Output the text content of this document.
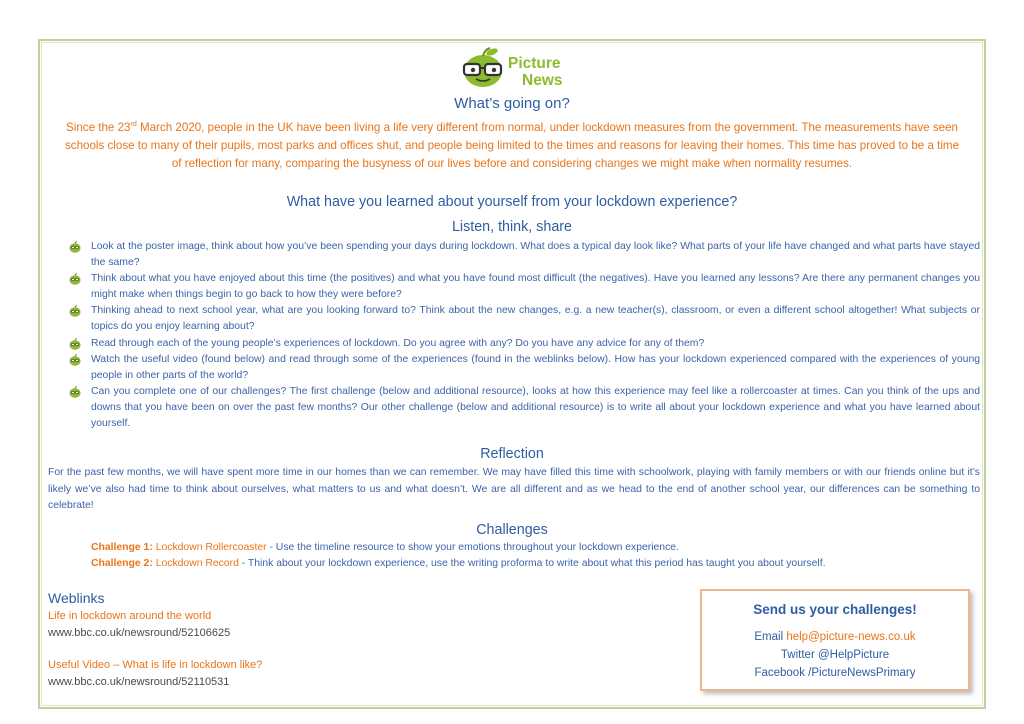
Picture
News
What’s going on?
Since the 23rd March 2020, people in the UK have been living a life very different from normal, under lockdown measures from the government. The measurements have seen schools close to many of their pupils, most parks and offices shut, and people being limited to the times and reasons for leaving their homes. This time has proved to be a time of reflection for many, comparing the busyness of our lives before and considering changes we might make when normality resumes.
What have you learned about yourself from your lockdown experience?
Listen, think, share
Look at the poster image, think about how you’ve been spending your days during lockdown. What does a typical day look like? What parts of your life have changed and what parts have stayed the same?
Think about what you have enjoyed about this time (the positives) and what you have found most difficult (the negatives). Have you learned any lessons? Are there any permanent changes you might make when things begin to go back to how they were before?
Thinking ahead to next school year, what are you looking forward to? Think about the new changes, e.g. a new teacher(s), classroom, or even a different school altogether! What subjects or topics do you enjoy learning about?
Read through each of the young people’s experiences of lockdown. Do you agree with any? Do you have any advice for any of them?
Watch the useful video (found below) and read through some of the experiences (found in the weblinks below). How has your lockdown experienced compared with the experiences of young people in other parts of the world?
Can you complete one of our challenges? The first challenge (below and additional resource), looks at how this experience may feel like a rollercoaster at times. Can you think of the ups and downs that you have been on over the past few months? Our other challenge (below and additional resource) is to write all about your lockdown experience and what you have learned about yourself.
Reflection
For the past few months, we will have spent more time in our homes than we can remember. We may have filled this time with schoolwork, playing with family members or with our friends online but it’s likely we’ve also had time to think about ourselves, what matters to us and what doesn’t. We are all different and as we head to the end of another school year, our differences can be something to celebrate!
Challenges
Challenge 1: Lockdown Rollercoaster - Use the timeline resource to show your emotions throughout your lockdown experience.
Challenge 2: Lockdown Record - Think about your lockdown experience, use the writing proforma to write about what this period has taught you about yourself.
Weblinks
Life in lockdown around the world
www.bbc.co.uk/newsround/52106625
Useful Video – What is life in lockdown like?
www.bbc.co.uk/newsround/52110531
Send us your challenges!
Email help@picture-news.co.uk
Twitter @HelpPicture
Facebook /PictureNewsPrimary
